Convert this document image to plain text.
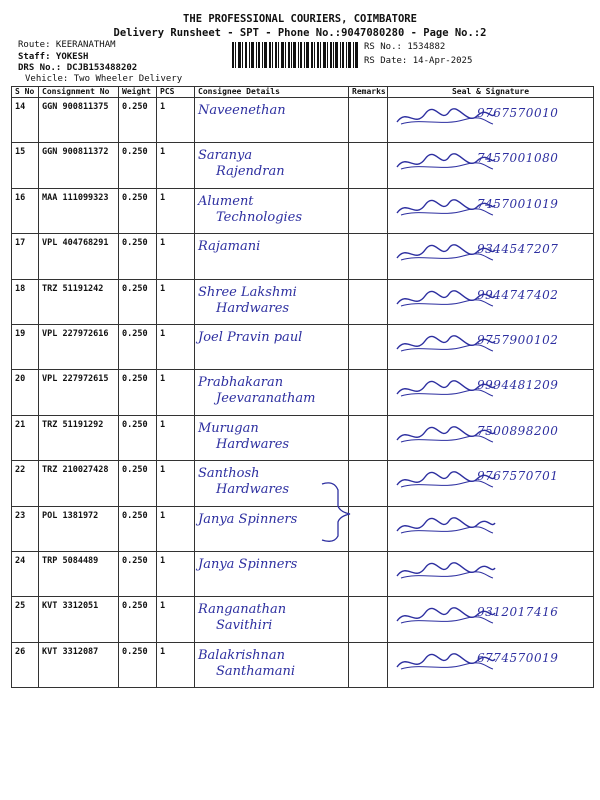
THE PROFESSIONAL COURIERS, COIMBATORE
Delivery Runsheet - SPT - Phone No.:9047080280 - Page No.:2
Route: KEERANATHAM
Staff: YOKESH
DRS No.: DCJB153488202
Vehicle: Two Wheeler Delivery
RS No.: 1534882
RS Date: 14-Apr-2025
S No	Consignment No	Weight	PCS	Consignee Details	Remarks	Seal & Signature
14	GGN 900811375	0.250	1	Naveenethan		9767570010

15	GGN 900811372	0.250	1	Saranya
Rajendran		7457001080

16	MAA 111099323	0.250	1	Alument
Technologies		7457001019

17	VPL 404768291	0.250	1	Rajamani		9344547207

18	TRZ 51191242	0.250	1	Shree Lakshmi
Hardwares		9944747402

19	VPL 227972616	0.250	1	Joel Pravin paul		9757900102

20	VPL 227972615	0.250	1	Prabhakaran
Jeevaranatham		9994481209

21	TRZ 51191292	0.250	1	Murugan
Hardwares		7500898200

22	TRZ 210027428	0.250	1	Santhosh
Hardwares		9767570701

23	POL 1381972	0.250	1	Janya Spinners

24	TRP 5084489	0.250	1	Janya Spinners

25	KVT 3312051	0.250	1	Ranganathan
Savithiri		9312017416

26	KVT 3312087	0.250	1	Balakrishnan
Santhamani		6774570019
